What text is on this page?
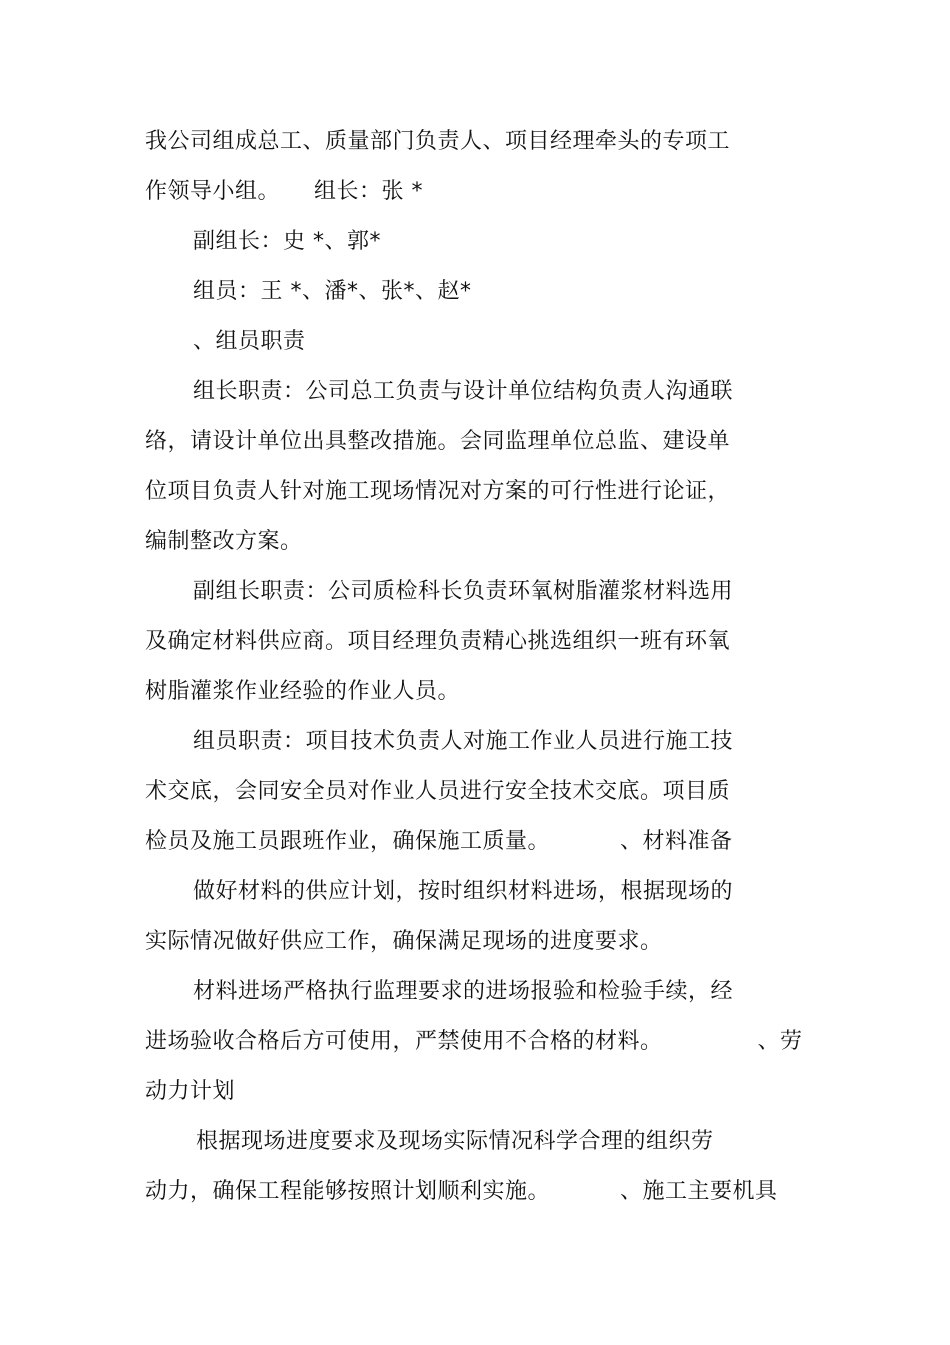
我公司组成总工、质量部门负责人、项目经理牵头的专项工
作领导小组。 组长：张 *
副组长：史 *、郭*
组员：王 *、潘*、张*、赵*
、组员职责
组长职责：公司总工负责与设计单位结构负责人沟通联
络，请设计单位出具整改措施。会同监理单位总监、建设单
位项目负责人针对施工现场情况对方案的可行性进行论证，
编制整改方案。
副组长职责：公司质检科长负责环氧树脂灌浆材料选用
及确定材料供应商。项目经理负责精心挑选组织一班有环氧
树脂灌浆作业经验的作业人员。
组员职责：项目技术负责人对施工作业人员进行施工技
术交底，会同安全员对作业人员进行安全技术交底。项目质
检员及施工员跟班作业，确保施工质量。	、材料准备
做好材料的供应计划，按时组织材料进场，根据现场的
实际情况做好供应工作，确保满足现场的进度要求。
材料进场严格执行监理要求的进场报验和检验手续，经
进场验收合格后方可使用，严禁使用不合格的材料。	、劳
动力计划
根据现场进度要求及现场实际情况科学合理的组织劳
动力，确保工程能够按照计划顺利实施。	、施工主要机具
